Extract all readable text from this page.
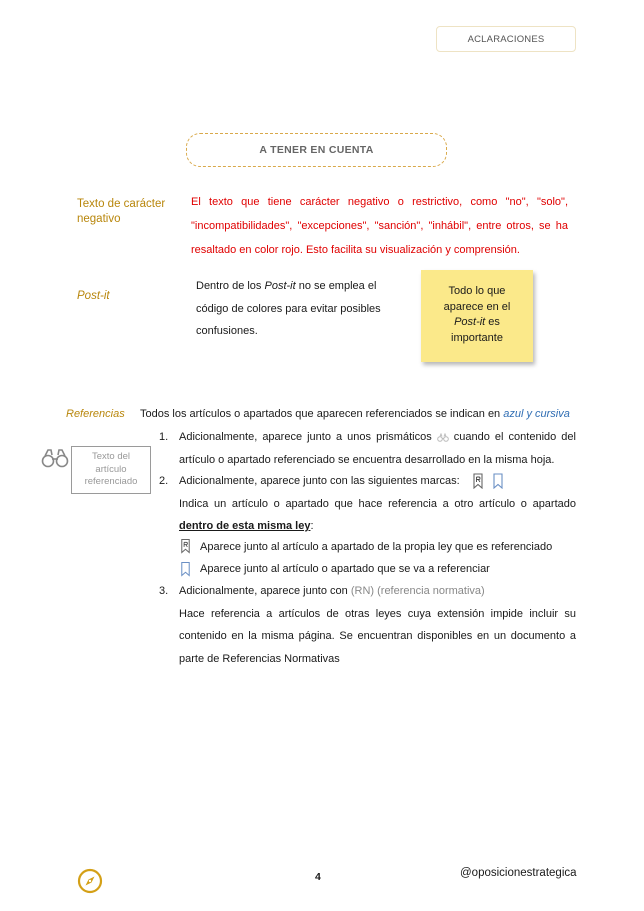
ACLARACIONES
A TENER EN CUENTA
Texto de carácter
negativo
El texto que tiene carácter negativo o restrictivo, como "no", "solo",
"incompatibilidades", "excepciones", "sanción", "inhábil", entre otros, se ha
resaltado en color rojo. Esto facilita su visualización y comprensión.
Post-it
Dentro de los Post-it no se emplea el
código de colores para evitar posibles
confusiones.
Todo lo que
aparece en el
Post-it es
importante
Referencias Todos los artículos o apartados que aparecen referenciados se indican en azul y cursiva
Texto del
artículo
referenciado
1. Adicionalmente, aparece junto a unos prismáticos cuando el contenido del
artículo o apartado referenciado se encuentra desarrollado en la misma hoja.
2. Adicionalmente, aparece junto con las siguientes marcas:
Indica un artículo o apartado que hace referencia a otro artículo o apartado
dentro de esta misma ley:
Aparece junto al artículo a apartado de la propia ley que es referenciado
Aparece junto al artículo o apartado que se va a referenciar
3. Adicionalmente, aparece junto con (RN) (referencia normativa)
Hace referencia a artículos de otras leyes cuya extensión impide incluir su
contenido en la misma página. Se encuentran disponibles en un documento a
parte de Referencias Normativas
4	@oposicionestrategica
